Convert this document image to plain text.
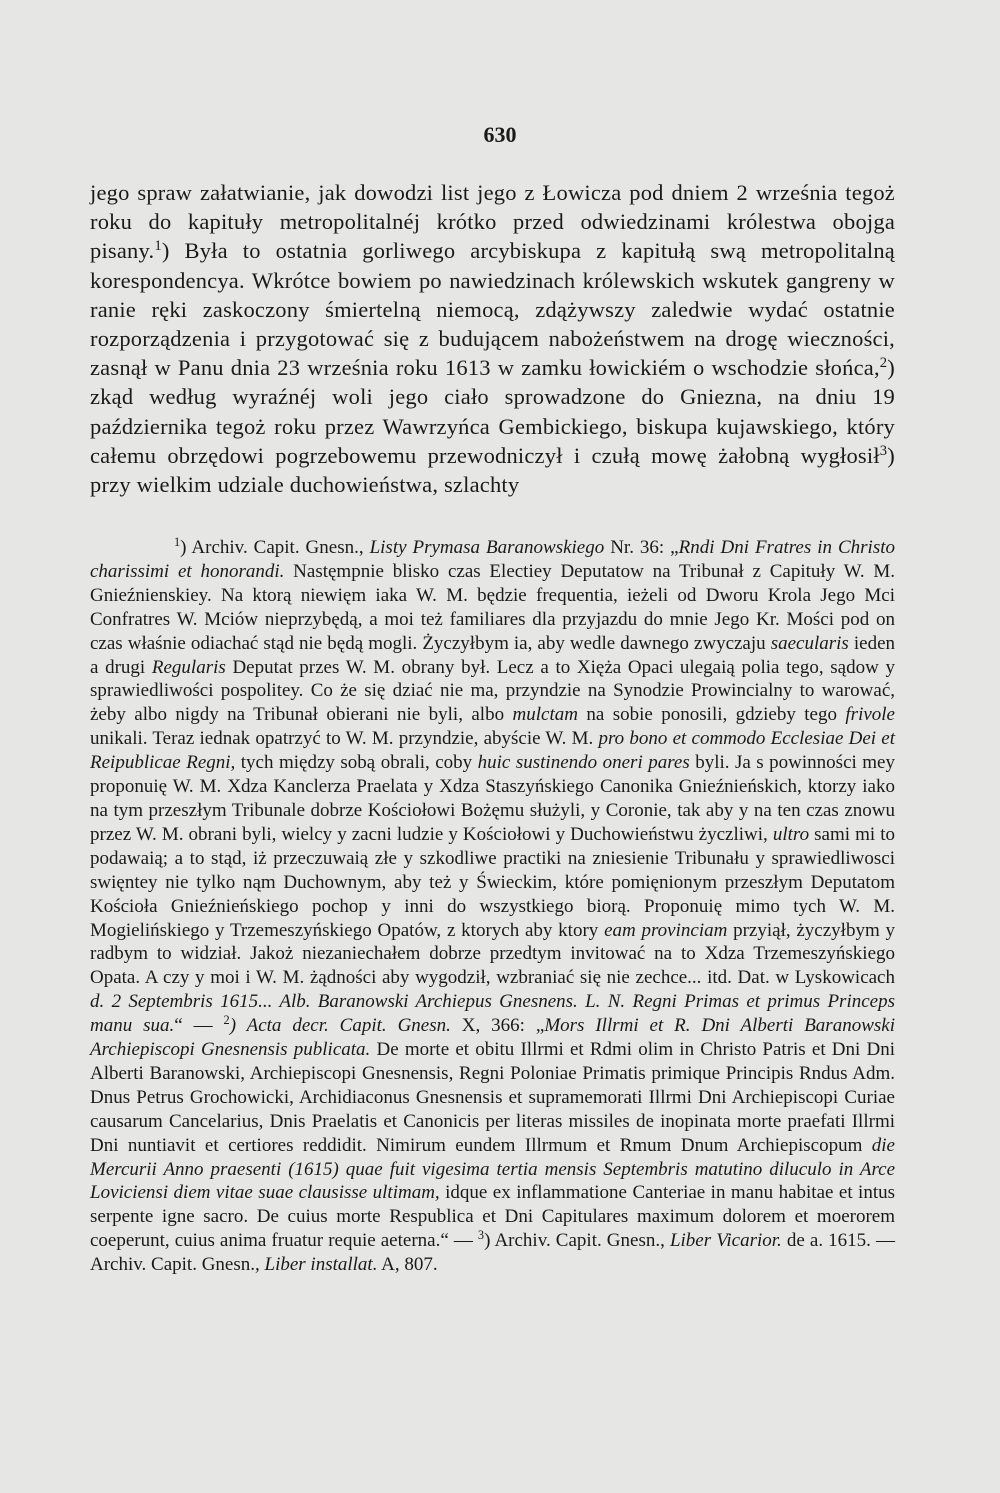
630

jego spraw załatwianie, jak dowodzi list jego z Łowicza pod dniem 2 września tegoż roku do kapituły metropolitalnéj krótko przed odwiedzinami królestwa obojga pisany.$^1$) Była to ostatnia gorliwego arcybiskupa z kapitułą swą metropolitalną korespondencya. Wkrótce bowiem po nawiedzinach królewskich wskutek gangreny w ranie ręki zaskoczony śmiertelną niemocą, zdążywszy zaledwie wydać ostatnie rozporządzenia i przygotować się z budującem nabożeństwem na drogę wieczności, zasnął w Panu dnia 23 września roku 1613 w zamku łowickiém o wschodzie słońca,$^2$) zkąd według wyraźnéj woli jego ciało sprowadzone do Gniezna, na dniu 19 października tegoż roku przez Wawrzyńca Gembickiego, biskupa kujawskiego, który całemu obrzędowi pogrzebowemu przewodniczył i czułą mowę żałobną wygłosił$^3$) przy wielkim udziale duchowieństwa, szlachty

$^1$) Archiv. Capit. Gnesn., Listy Prymasa Baranowskiego Nr. 36: „Rndi Dni Fratres in Christo charissimi et honorandi. Nastęmpnie blisko czas Electiey Deputatow na Tribunał z Capituły W. M. Gnieźnienskiey. Na ktorą niewięm iaka W. M. będzie frequentia, ieżeli od Dworu Krola Jego Mci Confratres W. Mciów nieprzybędą, a moi też familiares dla przyjazdu do mnie Jego Kr. Mości pod on czas właśnie odiachać stąd nie będą mogli. Życzyłbym ia, aby wedle dawnego zwyczaju saecularis ieden a drugi Regularis Deputat przes W. M. obrany był. Lecz a to Xięża Opaci ulegaią polia tego, sądow y sprawiedliwości pospolitey. Co że się dziać nie ma, przyndzie na Synodzie Prowincialny to warować, żeby albo nigdy na Tribunał obierani nie byli, albo mulctam na sobie ponosili, gdzieby tego frivole unikali. Teraz iednak opatrzyć to W. M. przyndzie, abyście W. M. pro bono et commodo Ecclesiae Dei et Reipublicae Regni, tych między sobą obrali, coby huic sustinendo oneri pares byli. Ja s powinności mey proponuię W. M. Xdza Kanclerza Praelata y Xdza Staszyńskiego Canonika Gnieźnieńskich, ktorzy iako na tym przeszłym Tribunale dobrze Kościołowi Bożęmu służyli, y Coronie, tak aby y na ten czas znowu przez W. M. obrani byli, wielcy y zacni ludzie y Kościołowi y Duchowieństwu życzliwi, ultro sami mi to podawaią; a to stąd, iż przeczuwaią złe y szkodliwe practiki na zniesienie Tribunału y sprawiedliwosci swięntey nie tylko nąm Duchownym, aby też y Świeckim, które pomięnionym przeszłym Deputatom Kościoła Gnieźnieńskiego pochop y inni do wszystkiego biorą. Proponuię mimo tych W. M. Mogielińskiego y Trzemeszyńskiego Opatów, z ktorych aby ktory eam provinciam przyiął, życzyłbym y radbym to widział. Jakoż niezaniechałem dobrze przedtym invitować na to Xdza Trzemeszyńskiego Opata. A czy y moi i W. M. żądności aby wygodził, wzbraniać się nie zechce... itd. Dat. w Lyskowicach d. 2 Septembris 1615... Alb. Baranowski Archiepus Gnesnens. L. N. Regni Primas et primus Princeps manu sua.“ — $^2$) Acta decr. Capit. Gnesn. X, 366: „Mors Illrmi et R. Dni Alberti Baranowski Archiepiscopi Gnesnensis publicata. De morte et obitu Illrmi et Rdmi olim in Christo Patris et Dni Dni Alberti Baranowski, Archiepiscopi Gnesnensis, Regni Poloniae Primatis primique Principis Rndus Adm. Dnus Petrus Grochowicki, Archidiaconus Gnesnensis et supramemorati Illrmi Dni Archiepiscopi Curiae causarum Cancelarius, Dnis Praelatis et Canonicis per literas missiles de inopinata morte praefati Illrmi Dni nuntiavit et certiores reddidit. Nimirum eundem Illrmum et Rmum Dnum Archiepiscopum die Mercurii Anno praesenti (1615) quae fuit vigesima tertia mensis Septembris matutino diluculo in Arce Loviciensi diem vitae suae clausisse ultimam, idque ex inflammatione Canteriae in manu habitae et intus serpente igne sacro. De cuius morte Respublica et Dni Capitulares maximum dolorem et moerorem coeperunt, cuius anima fruatur requie aeterna.“ — $^3$) Archiv. Capit. Gnesn., Liber Vicarior. de a. 1615. — Archiv. Capit. Gnesn., Liber installat. A, 807.
